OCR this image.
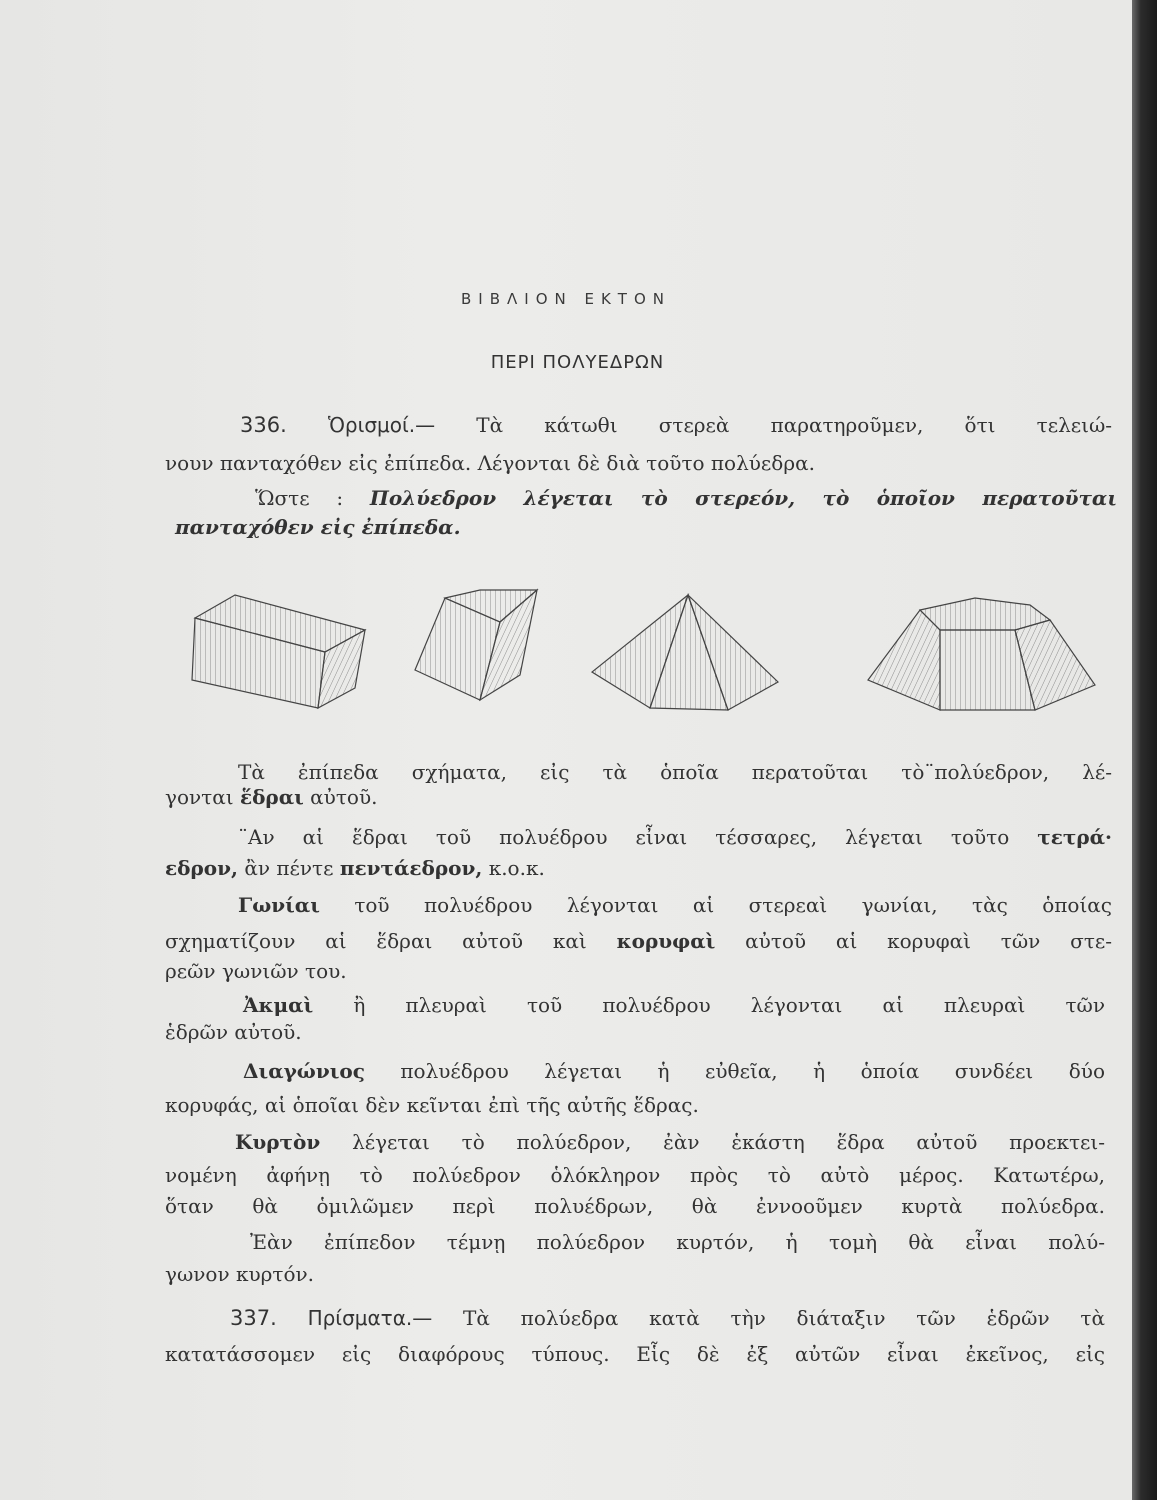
ΒΙΒΛΙΟΝ ΕΚΤΟΝ
ΠΕΡΙ ΠΟΛΥΕΔΡΩΝ
336. Ὁρισμοί.— Τὰ κάτωθι στερεὰ παρατηροῦμεν, ὅτι τελειώ-
νουν πανταχόθεν εἰς ἐπίπεδα. Λέγονται δὲ διὰ τοῦτο πολύεδρα.
Ὥστε : Πολύεδρον λέγεται τὸ στερεόν, τὸ ὁποῖον περατοῦται
πανταχόθεν εἰς ἐπίπεδα.
Τὰ ἐπίπεδα σχήματα, εἰς τὰ ὁποῖα περατοῦται τὸ¨πολύεδρον, λέ-
γονται ἕδραι αὐτοῦ.
¨Αν αἱ ἕδραι τοῦ πολυέδρου εἶναι τέσσαρες, λέγεται τοῦτο τετρά·
εδρον, ἂν πέντε πεντάεδρον, κ.ο.κ.
Γωνίαι τοῦ πολυέδρου λέγονται αἱ στερεαὶ γωνίαι, τὰς ὁποίας
σχηματίζουν αἱ ἕδραι αὐτοῦ καὶ κορυφαὶ αὐτοῦ αἱ κορυφαὶ τῶν στε-
ρεῶν γωνιῶν του.
Ἀκμαὶ ἢ πλευραὶ τοῦ πολυέδρου λέγονται αἱ πλευραὶ τῶν
ἑδρῶν αὐτοῦ.
Διαγώνιος πολυέδρου λέγεται ἡ εὐθεῖα, ἡ ὁποία συνδέει δύο
κορυφάς, αἱ ὁποῖαι δὲν κεῖνται ἐπὶ τῆς αὐτῆς ἕδρας.
Κυρτὸν λέγεται τὸ πολύεδρον, ἐὰν ἑκάστη ἕδρα αὐτοῦ προεκτει-
νομένη ἀφήνῃ τὸ πολύεδρον ὁλόκληρον πρὸς τὸ αὐτὸ μέρος. Κατωτέρω,
ὅταν θὰ ὁμιλῶμεν περὶ πολυέδρων, θὰ ἐννοοῦμεν κυρτὰ πολύεδρα.
Ἐὰν ἐπίπεδον τέμνῃ πολύεδρον κυρτόν, ἡ τομὴ θὰ εἶναι πολύ-
γωνον κυρτόν.
337. Πρίσματα.— Τὰ πολύεδρα κατὰ τὴν διάταξιν τῶν ἑδρῶν τὰ
κατατάσσομεν εἰς διαφόρους τύπους. Εἷς δὲ ἐξ αὐτῶν εἶναι ἐκεῖνος, εἰς
